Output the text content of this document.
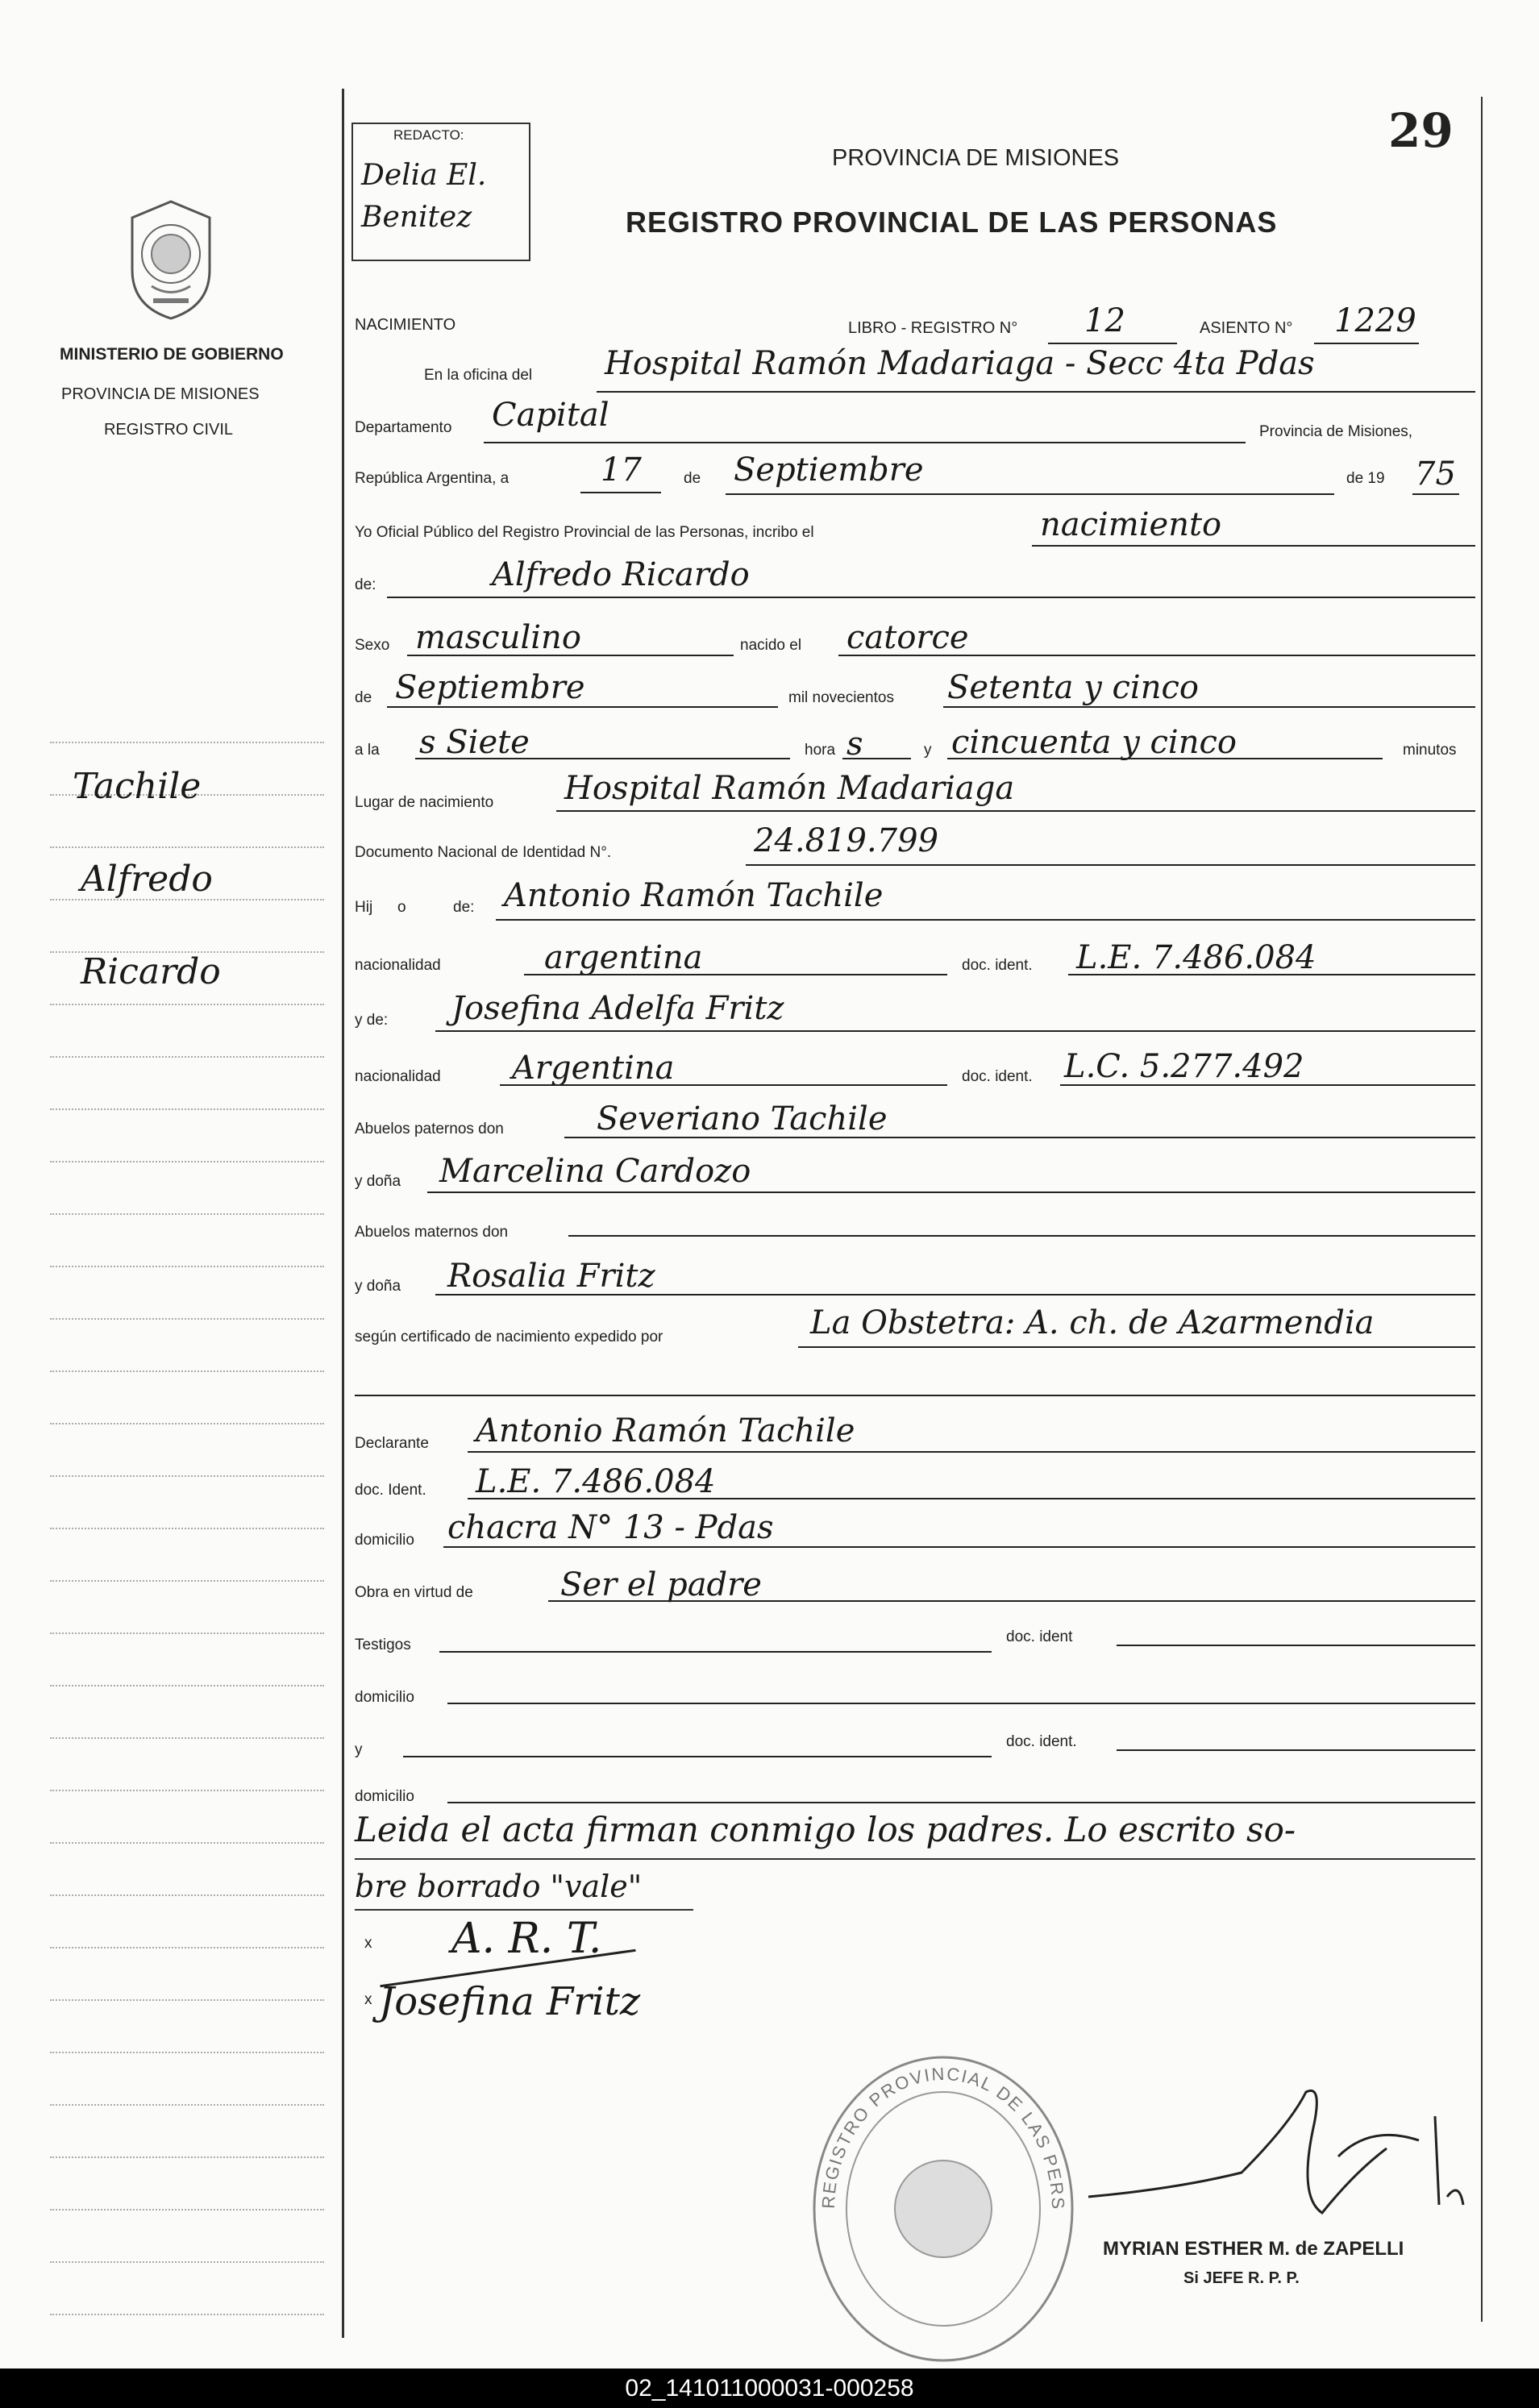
MINISTERIO DE GOBIERNO
PROVINCIA DE MISIONES
REGISTRO CIVIL
Tachile
Alfredo
Ricardo
REDACTO:
Delia El. Benitez
29
PROVINCIA DE MISIONES
REGISTRO PROVINCIAL DE LAS PERSONAS
NACIMIENTO	LIBRO - REGISTRO N° 12	ASIENTO N° 1229
En la oficina del Hospital Ramón Madariaga - Secc 4ta Pdas
Departamento Capital	Provincia de Misiones,
República Argentina, a	17	de Septiembre	de 19 75
Yo Oficial Público del Registro Provincial de las Personas, incribo el	nacimiento
de:	Alfredo Ricardo
Sexo masculino	nacido el catorce
de Septiembre	mil novecientos Setenta y cinco
a la s Siete	hora s	y cincuenta y cinco	minutos
Lugar de nacimiento Hospital Ramón Madariaga
Documento Nacional de Identidad N°.	24.819.799
Hij o	de: Antonio Ramón Tachile
nacionalidad	argentina	doc. ident. L.E. 7.486.084
y de: Josefina Adelfa Fritz
nacionalidad Argentina	doc. ident. L.C. 5.277.492
Abuelos paternos don	Severiano Tachile
y doña Marcelina Cardozo
Abuelos maternos don
y doña Rosalia Fritz
según certificado de nacimiento expedido por	La Obstetra: A. ch. de Azarmendia
Declarante Antonio Ramón Tachile
doc. Ident. L.E. 7.486.084
domicilio chacra N° 13 - Pdas
Obra en virtud de	Ser el padre
Testigos	doc. ident
domicilio
y	doc. ident.
domicilio
Leida el acta firman conmigo los padres. Lo escrito so-
bre borrado "vale"
x A. R. T.
x Josefina Fritz
REGISTRO PROVINCIAL DE LAS PERS
MYRIAN ESTHER M. de ZAPELLI
Si JEFE R. P. P.
02_141011000031-000258
